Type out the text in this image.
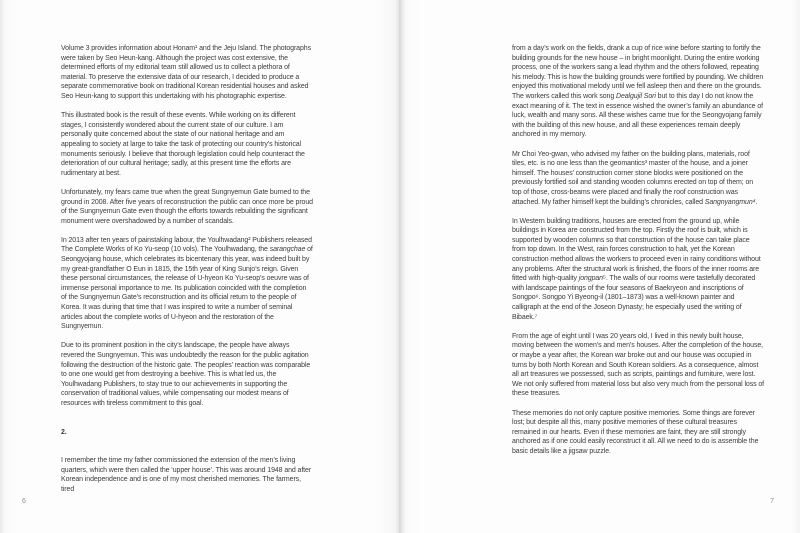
Volume 3 provides information about Honam¹ and the Jeju Island. The photographs were taken by Seo Heun-kang. Although the project was cost extensive, the determined efforts of my editorial team still allowed us to collect a plethora of material. To preserve the extensive data of our research, I decided to produce a separate commemorative book on traditional Korean residential houses and asked Seo Heun-kang to support this undertaking with his photographic expertise.

This illustrated book is the result of these events. While working on its different stages, I consistently wondered about the current state of our culture. I am personally quite concerned about the state of our national heritage and am appealing to society at large to take the task of protecting our country’s historical monuments seriously. I believe that thorough legislation could help counteract the deterioration of our cultural heritage; sadly, at this present time the efforts are rudimentary at best.

Unfortunately, my fears came true when the great Sungnyemun Gate burned to the ground in 2008. After five years of reconstruction the public can once more be proud of the Sungnyemun Gate even though the efforts towards rebuilding the significant monument were overshadowed by a number of scandals.

In 2013 after ten years of painstaking labour, the Youlhwadang² Publishers released The Complete Works of Ko Yu-seop (10 vols). The Youlhwadang, the sarangchae of Seongyojang house, which celebrates its bicentenary this year, was indeed built by my great-grandfather O Eun in 1815, the 15th year of King Sunjo’s reign. Given these personal circumstances, the release of U-hyeon Ko Yu-seop’s oeuvre was of immense personal importance to me. Its publication coincided with the completion of the Sungnyemun Gate’s reconstruction and its official return to the people of Korea. It was during that time that I was inspired to write a number of seminal articles about the complete works of U-hyeon and the restoration of the Sungnyemun.

Due to its prominent position in the city’s landscape, the people have always revered the Sungnyemun. This was undoubtedly the reason for the public agitation following the destruction of the historic gate. The peoples’ reaction was comparable to one one would get from destroying a beehive. This is what led us, the Youlhwadang Publishers, to stay true to our achievements in supporting the conservation of traditional values, while compensating our modest means of resources with tireless commitment to this goal.

2.

I remember the time my father commissioned the extension of the men’s living quarters, which were then called the ‘upper house’. This was around 1948 and after Korean independence and is one of my most cherished memories. The farmers, tired

6

from a day’s work on the fields, drank a cup of rice wine before starting to fortify the building grounds for the new house – in bright moonlight. During the entire working process, one of the workers sang a lead rhythm and the others followed, repeating his melody. This is how the building grounds were fortified by pounding. We children enjoyed this motivational melody until we fell asleep then and there on the grounds. The workers called this work song Dealgujil Sori but to this day I do not know the exact meaning of it. The text in essence wished the owner’s family an abundance of luck, wealth and many sons. All these wishes came true for the Seongyojang family with the building of this new house, and all these experiences remain deeply anchored in my memory.

Mr Choi Yeo-gwan, who advised my father on the building plans, materials, roof tiles, etc. is no one less than the geomantics³ master of the house, and a joiner himself. The houses’ construction corner stone blocks were positioned on the previously fortified soil and standing wooden columns erected on top of them; on top of those, cross-beams were placed and finally the roof construction was attached. My father himself kept the building’s chronicles, called Sangnyangmun⁴.

In Western building traditions, houses are erected from the ground up, while buildings in Korea are constructed from the top. Firstly the roof is built, which is supported by wooden columns so that construction of the house can take place from top down. In the West, rain forces construction to halt, yet the Korean construction method allows the workers to proceed even in rainy conditions without any problems. After the structural work is finished, the floors of the inner rooms are fitted with high-quality jongpan⁵. The walls of our rooms were tastefully decorated with landscape paintings of the four seasons of Baekryeon and inscriptions of Songpo⁶. Songpo Yi Byeong-il (1801–1873) was a well-known painter and calligraph at the end of the Joseon Dynasty; he especially used the writing of Bibaek.⁷

From the age of eight until I was 20 years old, I lived in this newly built house, moving between the women’s and men’s houses. After the completion of the house, or maybe a year after, the Korean war broke out and our house was occupied in turns by both North Korean and South Korean soldiers. As a consequence, almost all art treasures we possessed, such as scripts, paintings and furniture, were lost. We not only suffered from material loss but also very much from the personal loss of these treasures.

These memories do not only capture positive memories. Some things are forever lost; but despite all this, many positive memories of these cultural treasures remained in our hearts. Even if these memories are faint, they are still strongly anchored as if one could easily reconstruct it all. All we need to do is assemble the basic details like a jigsaw puzzle.

7
